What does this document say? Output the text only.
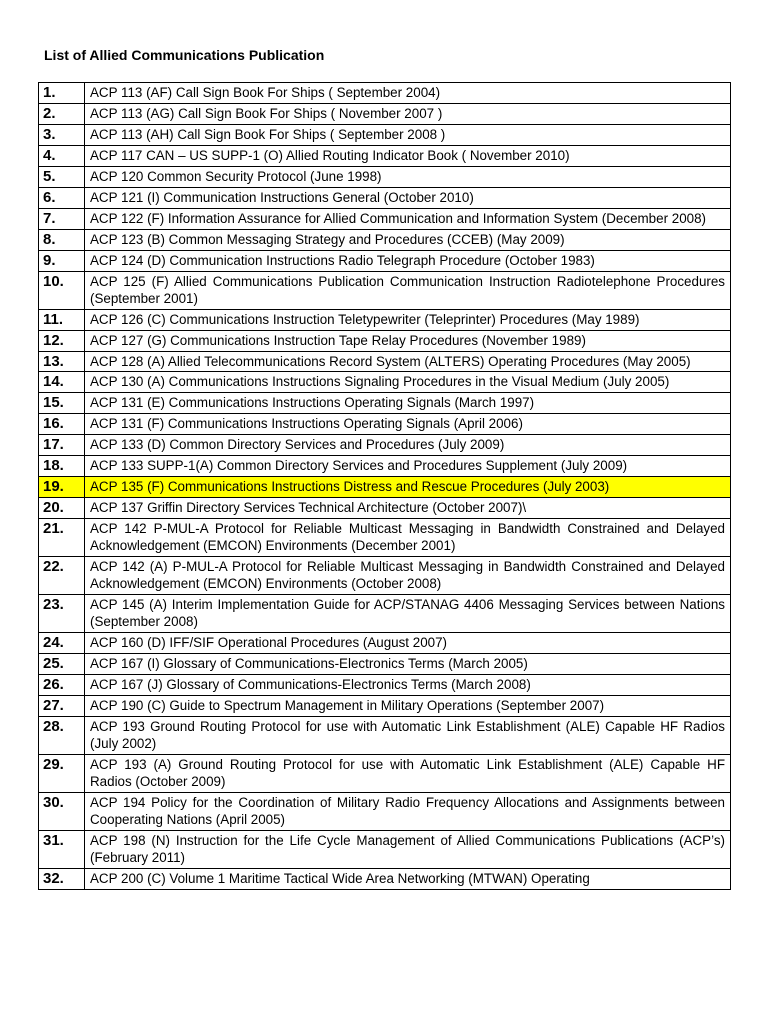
List of Allied Communications Publication
1.	ACP 113 (AF) Call Sign Book For Ships ( September 2004)
2.	ACP 113 (AG) Call Sign Book For Ships ( November 2007 )
3.	ACP 113 (AH) Call Sign Book For Ships ( September 2008 )
4.	ACP 117 CAN – US SUPP-1 (O) Allied Routing Indicator Book ( November 2010)
5.	ACP 120 Common Security Protocol (June 1998)
6.	ACP 121 (I) Communication Instructions General (October 2010)
7.	ACP 122 (F) Information Assurance for Allied Communication and Information System (December 2008)
8.	ACP 123 (B) Common Messaging Strategy and Procedures (CCEB) (May 2009)
9.	ACP 124 (D) Communication Instructions Radio Telegraph Procedure (October 1983)
10.	ACP 125 (F) Allied Communications Publication Communication Instruction Radiotelephone Procedures (September 2001)
11.	ACP 126 (C) Communications Instruction Teletypewriter (Teleprinter) Procedures (May 1989)
12.	ACP 127 (G) Communications Instruction Tape Relay Procedures (November 1989)
13.	ACP 128 (A) Allied Telecommunications Record System (ALTERS) Operating Procedures (May 2005)
14.	ACP 130 (A) Communications Instructions Signaling Procedures in the Visual Medium (July 2005)
15.	ACP 131 (E) Communications Instructions Operating Signals (March 1997)
16.	ACP 131 (F) Communications Instructions Operating Signals (April 2006)
17.	ACP 133 (D) Common Directory Services and Procedures (July 2009)
18.	ACP 133 SUPP-1(A) Common Directory Services and Procedures Supplement (July 2009)
19.	ACP 135 (F) Communications Instructions Distress and Rescue Procedures (July 2003)
20.	ACP 137 Griffin Directory Services Technical Architecture (October 2007)\
21.	ACP 142 P-MUL-A Protocol for Reliable Multicast Messaging in Bandwidth Constrained and Delayed Acknowledgement (EMCON) Environments (December 2001)
22.	ACP 142 (A) P-MUL-A Protocol for Reliable Multicast Messaging in Bandwidth Constrained and Delayed Acknowledgement (EMCON) Environments (October 2008)
23.	ACP 145 (A) Interim Implementation Guide for ACP/STANAG 4406 Messaging Services between Nations (September 2008)
24.	ACP 160 (D) IFF/SIF Operational Procedures (August 2007)
25.	ACP 167 (I) Glossary of Communications-Electronics Terms (March 2005)
26.	ACP 167 (J) Glossary of Communications-Electronics Terms (March 2008)
27.	ACP 190 (C) Guide to Spectrum Management in Military Operations (September 2007)
28.	ACP 193 Ground Routing Protocol for use with Automatic Link Establishment (ALE) Capable HF Radios (July 2002)
29.	ACP 193 (A) Ground Routing Protocol for use with Automatic Link Establishment (ALE) Capable HF Radios (October 2009)
30.	ACP 194 Policy for the Coordination of Military Radio Frequency Allocations and Assignments between Cooperating Nations (April 2005)
31.	ACP 198 (N) Instruction for the Life Cycle Management of Allied Communications Publications (ACP’s) (February 2011)
32.	ACP 200 (C) Volume 1 Maritime Tactical Wide Area Networking (MTWAN) Operating
